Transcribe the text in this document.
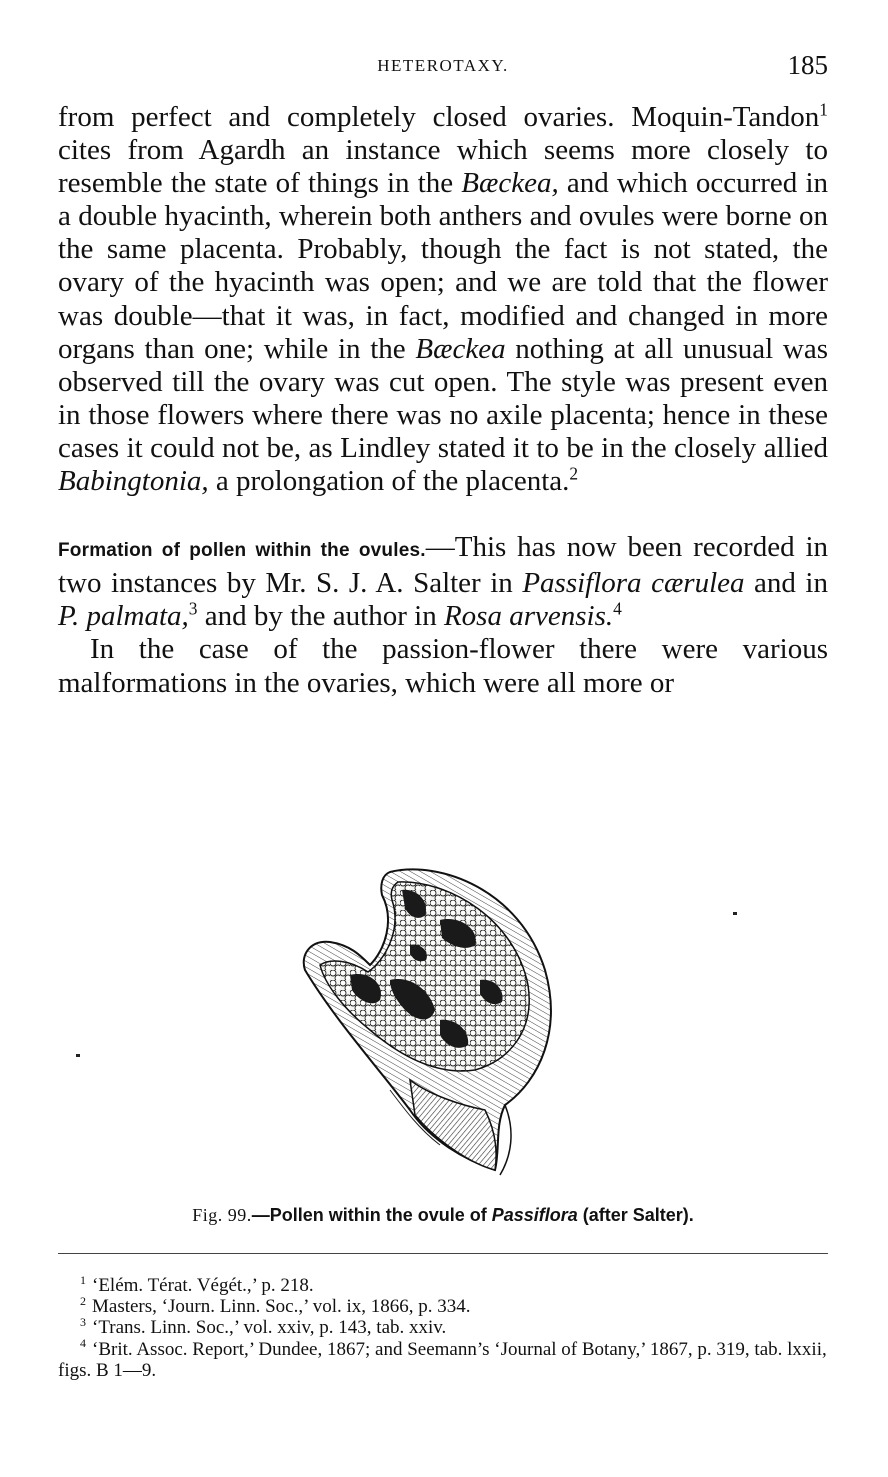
HETEROTAXY.	185

from perfect and completely closed ovaries. Moquin-Tandon$^1$ cites from Agardh an instance which seems more closely to resemble the state of things in the Bæckea, and which occurred in a double hyacinth, wherein both anthers and ovules were borne on the same placenta. Probably, though the fact is not stated, the ovary of the hyacinth was open; and we are told that the flower was double—that it was, in fact, modified and changed in more organs than one; while in the Bæckea nothing at all unusual was observed till the ovary was cut open. The style was present even in those flowers where there was no axile placenta; hence in these cases it could not be, as Lindley stated it to be in the closely allied Babingtonia, a prolongation of the placenta.$^2$

Formation of pollen within the ovules.—This has now been recorded in two instances by Mr. S. J. A. Salter in Passiflora cærulea and in P. palmata,$^3$ and by the author in Rosa arvensis.$^4$

In the case of the passion-flower there were various malformations in the ovaries, which were all more or

Fig. 99.—Pollen within the ovule of Passiflora (after Salter).

$^1$ ‘Elém. Térat. Végét.,’ p. 218.

$^2$ Masters, ‘Journ. Linn. Soc.,’ vol. ix, 1866, p. 334.

$^3$ ‘Trans. Linn. Soc.,’ vol. xxiv, p. 143, tab. xxiv.

$^4$ ‘Brit. Assoc. Report,’ Dundee, 1867; and Seemann’s ‘Journal of Botany,’ 1867, p. 319, tab. lxxii, figs. B 1—9.
